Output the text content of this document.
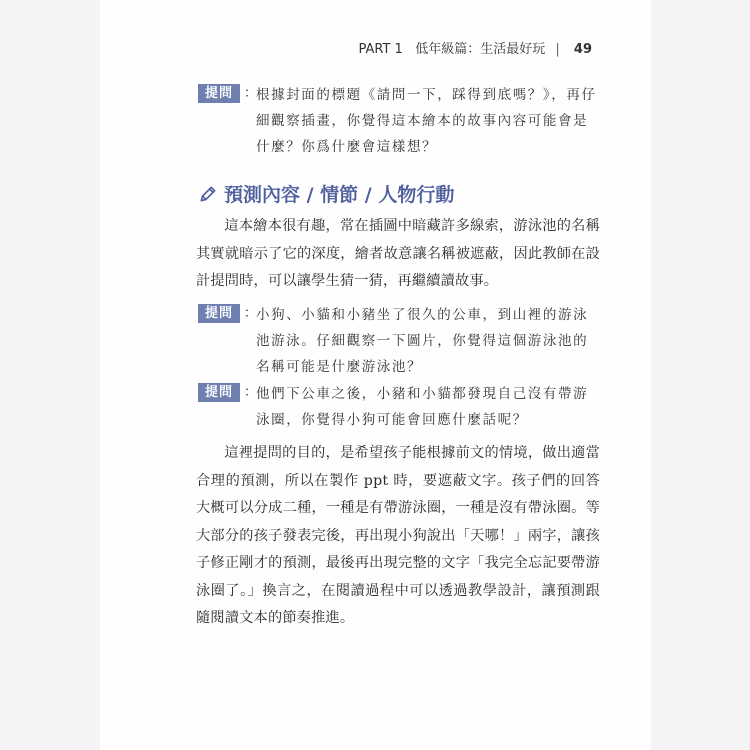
PART 1 低年級篇：生活最好玩 | 49
提問 ：
根據封面的標題《請問一下，踩得到底嗎？》，再仔細觀察插畫，你覺得這本繪本的故事內容可能會是什麼？你爲什麼會這樣想？
預測內容 / 情節 / 人物行動
這本繪本很有趣，常在插圖中暗藏許多線索，游泳池的名稱其實就暗示了它的深度，繪者故意讓名稱被遮蔽，因此教師在設計提問時，可以讓學生猜一猜，再繼續讀故事。
提問 ：
小狗、小貓和小豬坐了很久的公車，到山裡的游泳池游泳。仔細觀察一下圖片，你覺得這個游泳池的名稱可能是什麼游泳池？
提問 ：
他們下公車之後，小豬和小貓都發現自己沒有帶游泳圈，你覺得小狗可能會回應什麼話呢？
這裡提問的目的，是希望孩子能根據前文的情境，做出適當合理的預測，所以在製作 ppt 時，要遮蔽文字。孩子們的回答大概可以分成二種，一種是有帶游泳圈，一種是沒有帶泳圈。等大部分的孩子發表完後，再出現小狗說出「天哪！」兩字，讓孩子修正剛才的預測，最後再出現完整的文字「我完全忘記要帶游泳圈了。」換言之，在閱讀過程中可以透過教學設計，讓預測跟隨閱讀文本的節奏推進。
